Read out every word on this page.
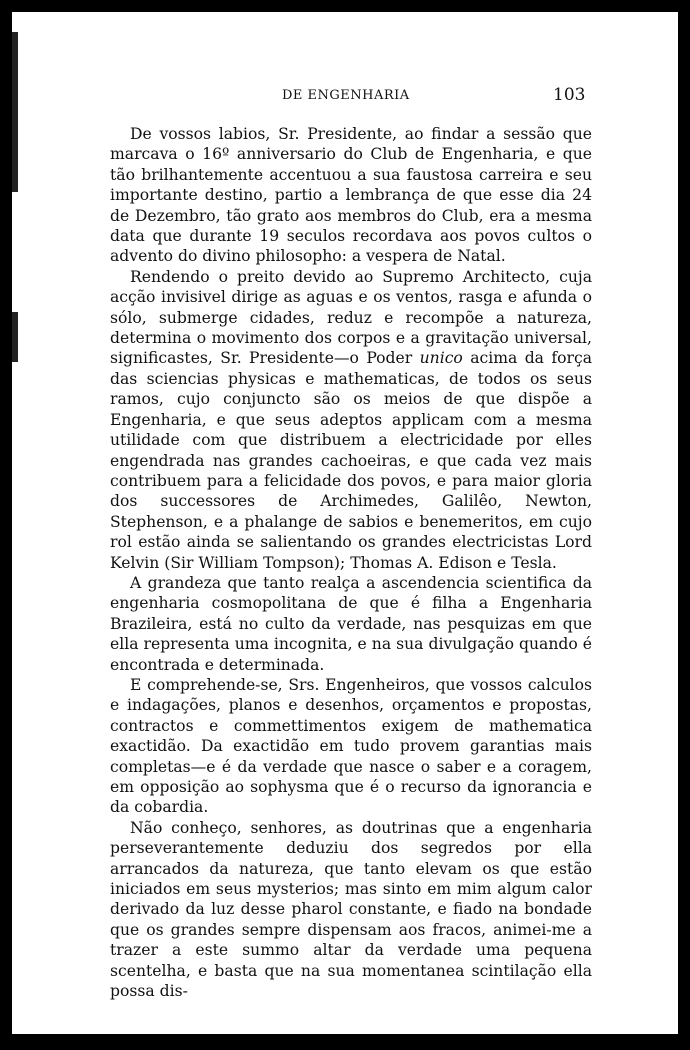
DE ENGENHARIA	103

De vossos labios, Sr. Presidente, ao findar a sessão que marcava o 16º anniversario do Club de Engenharia, e que tão brilhantemente accentuou a sua faustosa carreira e seu importante destino, partio a lembrança de que esse dia 24 de Dezembro, tão grato aos membros do Club, era a mesma data que durante 19 seculos recordava aos povos cultos o advento do divino philosopho: a vespera de Natal.

Rendendo o preito devido ao Supremo Architecto, cuja acção invisivel dirige as aguas e os ventos, rasga e afunda o sólo, submerge cidades, reduz e recompõe a natureza, determina o movimento dos corpos e a gravitação universal, significastes, Sr. Presidente—o Poder unico acima da força das sciencias physicas e mathematicas, de todos os seus ramos, cujo conjuncto são os meios de que dispõe a Engenharia, e que seus adeptos applicam com a mesma utilidade com que distribuem a electricidade por elles engendrada nas grandes cachoeiras, e que cada vez mais contribuem para a felicidade dos povos, e para maior gloria dos successores de Archimedes, Galilêo, Newton, Stephenson, e a phalange de sabios e benemeritos, em cujo rol estão ainda se salientando os grandes electricistas Lord Kelvin (Sir William Tompson); Thomas A. Edison e Tesla.

A grandeza que tanto realça a ascendencia scientifica da engenharia cosmopolitana de que é filha a Engenharia Brazileira, está no culto da verdade, nas pesquizas em que ella representa uma incognita, e na sua divulgação quando é encontrada e determinada.

E comprehende-se, Srs. Engenheiros, que vossos calculos e indagações, planos e desenhos, orçamentos e propostas, contractos e commettimentos exigem de mathematica exactidão. Da exactidão em tudo provem garantias mais completas—e é da verdade que nasce o saber e a coragem, em opposição ao sophysma que é o recurso da ignorancia e da cobardia.

Não conheço, senhores, as doutrinas que a engenharia perseverantemente deduziu dos segredos por ella arrancados da natureza, que tanto elevam os que estão iniciados em seus mysterios; mas sinto em mim algum calor derivado da luz desse pharol constante, e fiado na bondade que os grandes sempre dispensam aos fracos, animei-me a trazer a este summo altar da verdade uma pequena scentelha, e basta que na sua momentanea scintilação ella possa dis-
